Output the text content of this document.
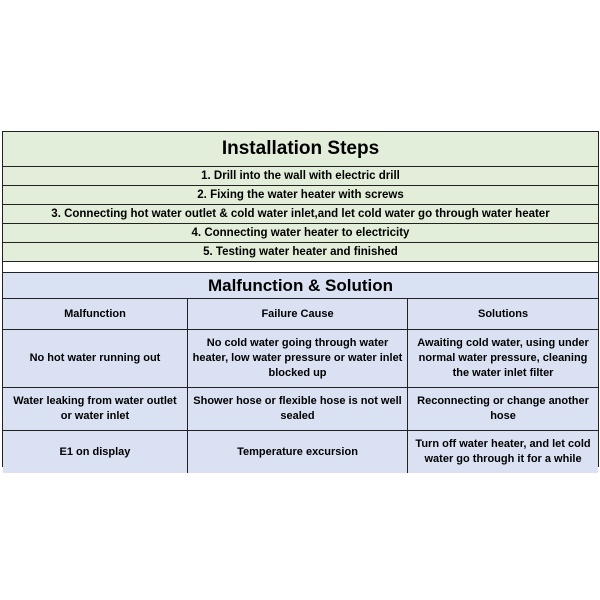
Installation Steps
1. Drill into the wall with electric drill
2. Fixing the water heater with screws
3. Connecting hot water outlet & cold water inlet,and let cold water go through water heater
4. Connecting water heater to electricity
5. Testing water heater and finished
Malfunction & Solution
Malfunction	Failure Cause	Solutions
No hot water running out	No cold water going through water heater, low water pressure or water inlet blocked up	Awaiting cold water, using under normal water pressure, cleaning the water inlet filter
Water leaking from water outlet or water inlet	Shower hose or flexible hose is not well sealed	Reconnecting or change another hose
E1 on display	Temperature excursion	Turn off water heater, and let cold water go through it for a while
